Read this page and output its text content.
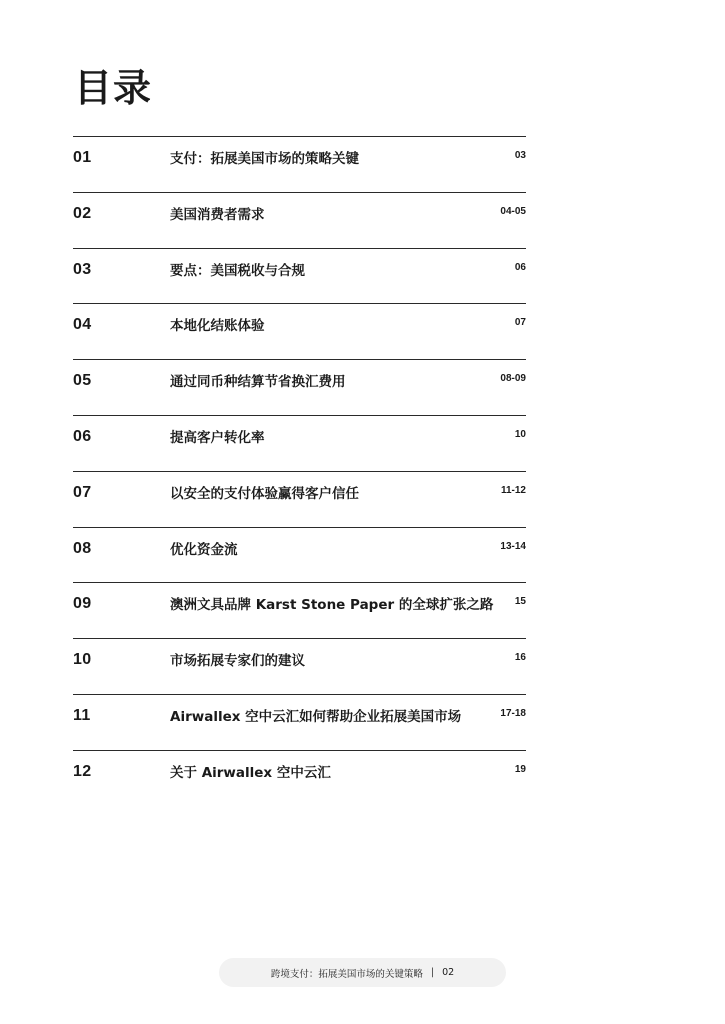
目录
01	支付：拓展美国市场的策略关键	03
02	美国消费者需求	04-05
03	要点：美国税收与合规	06
04	本地化结账体验	07
05	通过同币种结算节省换汇费用	08-09
06	提高客户转化率	10
07	以安全的支付体验赢得客户信任	11-12
08	优化资金流	13-14
09	澳洲文具品牌 Karst Stone Paper 的全球扩张之路 15
10	市场拓展专家们的建议	16
11	Airwallex 空中云汇如何帮助企业拓展美国市场	17-18
12	关于 Airwallex 空中云汇	19
跨境支付：拓展美国市场的关键策略 | 02
